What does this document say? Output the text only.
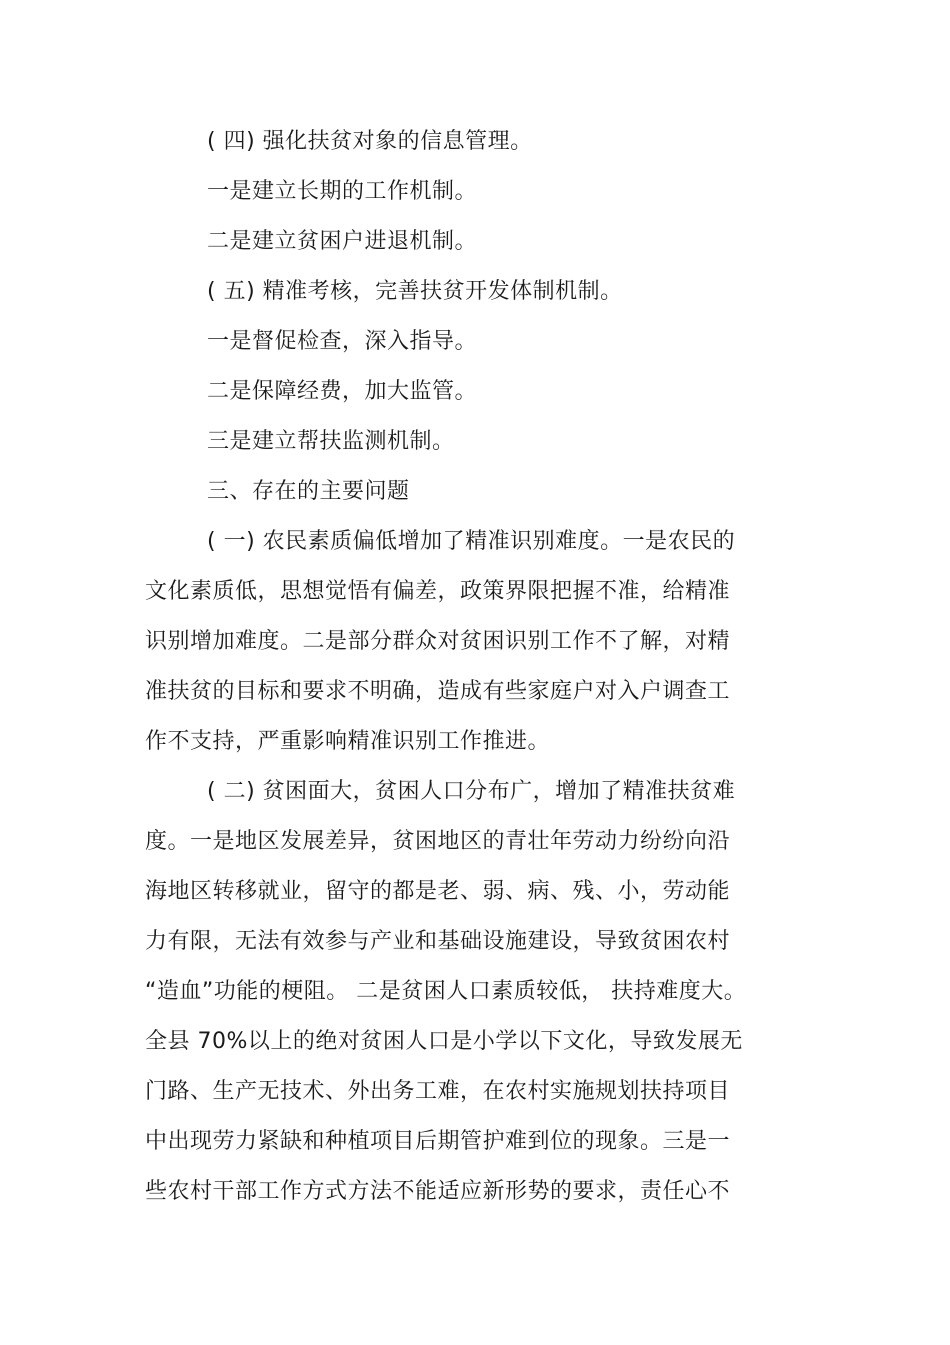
( 四) 强化扶贫对象的信息管理。
一是建立长期的工作机制。
二是建立贫困户进退机制。
( 五) 精准考核，完善扶贫开发体制机制。
一是督促检查，深入指导。
二是保障经费，加大监管。
三是建立帮扶监测机制。
三、存在的主要问题
( 一) 农民素质偏低增加了精准识别难度。一是农民的
文化素质低，思想觉悟有偏差，政策界限把握不准，给精准
识别增加难度。二是部分群众对贫困识别工作不了解，对精
准扶贫的目标和要求不明确，造成有些家庭户对入户调查工
作不支持，严重影响精准识别工作推进。
( 二) 贫困面大，贫困人口分布广，增加了精准扶贫难
度。一是地区发展差异，贫困地区的青壮年劳动力纷纷向沿
海地区转移就业，留守的都是老、弱、病、残、小，劳动能
力有限，无法有效参与产业和基础设施建设，导致贫困农村
“造血”功能的梗阻。 二是贫困人口素质较低， 扶持难度大。
全县 70%以上的绝对贫困人口是小学以下文化，导致发展无
门路、生产无技术、外出务工难，在农村实施规划扶持项目
中出现劳力紧缺和种植项目后期管护难到位的现象。三是一
些农村干部工作方式方法不能适应新形势的要求，责任心不
